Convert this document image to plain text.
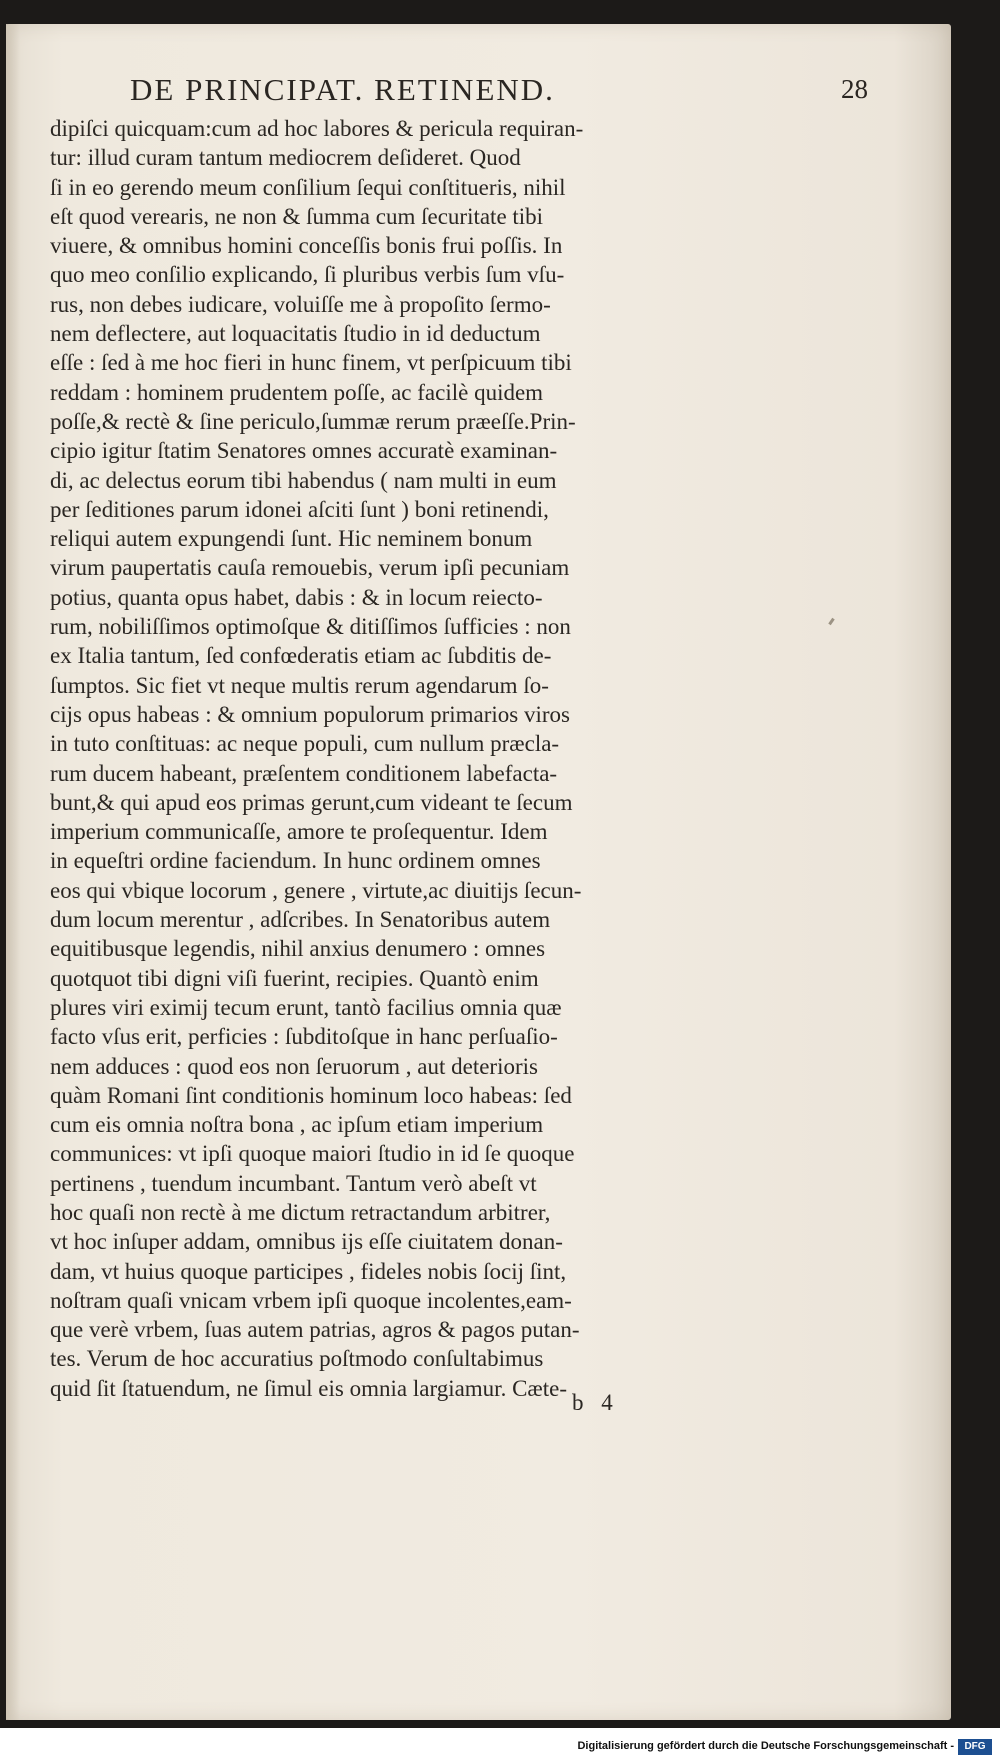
DE PRINCIPAT. RETINEND.	28
dipiſci quicquam:cum ad hoc labores & pericula requiran-
tur: illud curam tantum mediocrem deſideret. Quod
ſi in eo gerendo meum conſilium ſequi conſtitueris, nihil
eſt quod verearis, ne non & ſumma cum ſecuritate tibi
viuere, & omnibus homini conceſſis bonis frui poſſis. In
quo meo conſilio explicando, ſi pluribus verbis ſum vſu-
rus, non debes iudicare, voluiſſe me à propoſito ſermo-
nem deflectere, aut loquacitatis ſtudio in id deductum
eſſe : ſed à me hoc fieri in hunc finem, vt perſpicuum tibi
reddam : hominem prudentem poſſe, ac facilè quidem
poſſe,& rectè & ſine periculo,ſummæ rerum præeſſe.Prin-
cipio igitur ſtatim Senatores omnes accuratè examinan-
di, ac delectus eorum tibi habendus ( nam multi in eum
per ſeditiones parum idonei aſciti ſunt ) boni retinendi,
reliqui autem expungendi ſunt. Hic neminem bonum
virum paupertatis cauſa remouebis, verum ipſi pecuniam
potius, quanta opus habet, dabis : & in locum reiecto-
rum, nobiliſſimos optimoſque & ditiſſimos ſufficies : non
ex Italia tantum, ſed confœderatis etiam ac ſubditis de-
ſumptos. Sic fiet vt neque multis rerum agendarum ſo-
cijs opus habeas : & omnium populorum primarios viros
in tuto conſtituas: ac neque populi, cum nullum præcla-
rum ducem habeant, præſentem conditionem labefacta-
bunt,& qui apud eos primas gerunt,cum videant te ſecum
imperium communicaſſe, amore te proſequentur. Idem
in equeſtri ordine faciendum. In hunc ordinem omnes
eos qui vbique locorum , genere , virtute,ac diuitijs ſecun-
dum locum merentur , adſcribes. In Senatoribus autem
equitibusque legendis, nihil anxius denumero : omnes
quotquot tibi digni viſi fuerint, recipies. Quantò enim
plures viri eximij tecum erunt, tantò facilius omnia quæ
facto vſus erit, perficies : ſubditoſque in hanc perſuaſio-
nem adduces : quod eos non ſeruorum , aut deterioris
quàm Romani ſint conditionis hominum loco habeas: ſed
cum eis omnia noſtra bona , ac ipſum etiam imperium
communices: vt ipſi quoque maiori ſtudio in id ſe quoque
pertinens , tuendum incumbant. Tantum verò abeſt vt
hoc quaſi non rectè à me dictum retractandum arbitrer,
vt hoc inſuper addam, omnibus ijs eſſe ciuitatem donan-
dam, vt huius quoque participes , fideles nobis ſocij ſint,
noſtram quaſi vnicam vrbem ipſi quoque incolentes,eam-
que verè vrbem, ſuas autem patrias, agros & pagos putan-
tes. Verum de hoc accuratius poſtmodo conſultabimus
quid ſit ſtatuendum, ne ſimul eis omnia largiamur. Cæte-
b 4
Digitalisierung gefördert durch die Deutsche Forschungsgemeinschaft -	DFG
